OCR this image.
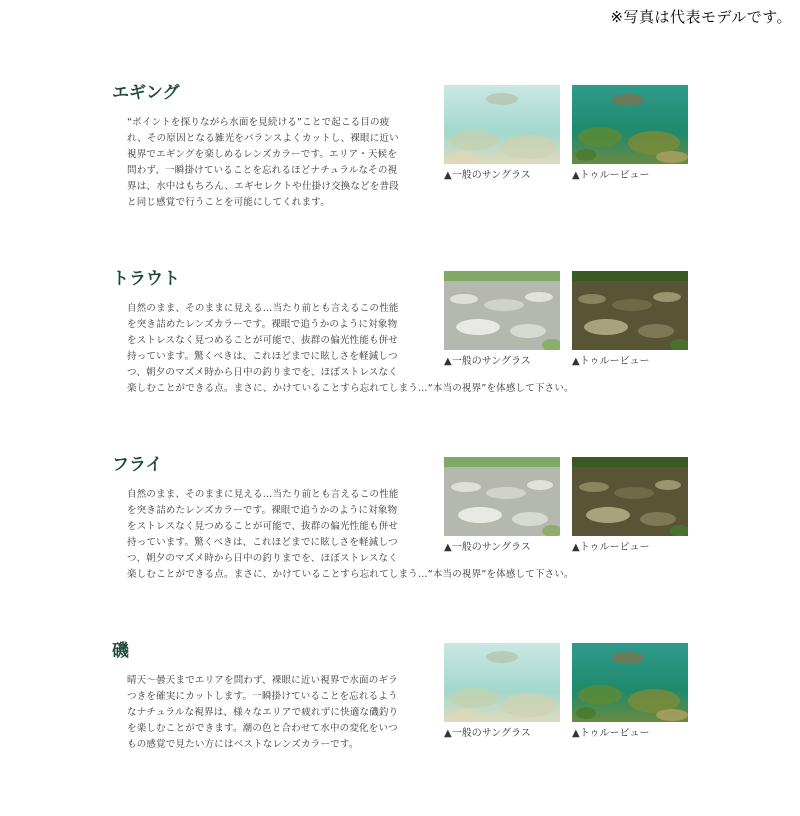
※写真は代表モデルです。
エギング

“ポイントを探りながら水面を見続ける”ことで起こる目の疲
れ、その原因となる雑光をバランスよくカットし、裸眼に近い
視界でエギングを楽しめるレンズカラーです。エリア・天候を
問わず、一瞬掛けていることを忘れるほどナチュラルなその視
界は、水中はもちろん、エギセレクトや仕掛け交換などを普段
と同じ感覚で行うことを可能にしてくれます。

▲一般のサングラス	▲トゥルービュー
トラウト

自然のまま、そのままに見える…当たり前とも言えるこの性能
を突き詰めたレンズカラーです。裸眼で追うかのように対象物
をストレスなく見つめることが可能で、抜群の偏光性能も併せ
持っています。驚くべきは、これほどまでに眩しさを軽減しつ
つ、朝夕のマズメ時から日中の釣りまでを、ほぼストレスなく
楽しむことができる点。まさに、かけていることすら忘れてしまう…“本当の視界”を体感して下さい。

▲一般のサングラス	▲トゥルービュー
フライ

自然のまま、そのままに見える…当たり前とも言えるこの性能
を突き詰めたレンズカラーです。裸眼で追うかのように対象物
をストレスなく見つめることが可能で、抜群の偏光性能も併せ
持っています。驚くべきは、これほどまでに眩しさを軽減しつ
つ、朝夕のマズメ時から日中の釣りまでを、ほぼストレスなく
楽しむことができる点。まさに、かけていることすら忘れてしまう…“本当の視界”を体感して下さい。

▲一般のサングラス	▲トゥルービュー
磯

晴天～曇天までエリアを問わず、裸眼に近い視界で水面のギラ
つきを確実にカットします。一瞬掛けていることを忘れるよう
なナチュラルな視界は、様々なエリアで疲れずに快適な磯釣り
を楽しむことができます。潮の色と合わせて水中の変化をいつ
もの感覚で見たい方にはベストなレンズカラーです。

▲一般のサングラス	▲トゥルービュー
